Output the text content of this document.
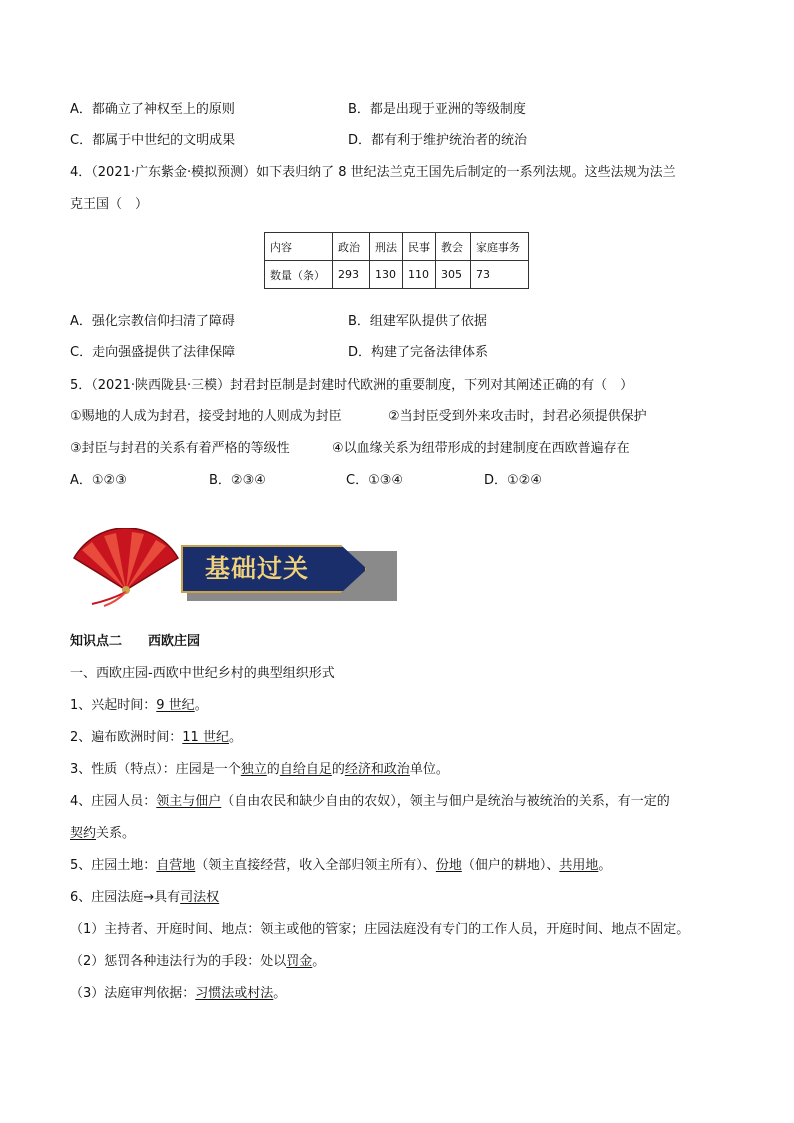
A．都确立了神权至上的原则	B．都是出现于亚洲的等级制度
C．都属于中世纪的文明成果	D．都有利于维护统治者的统治
4．（2021·广东紫金·模拟预测）如下表归纳了 8 世纪法兰克王国先后制定的一系列法规。这些法规为法兰
克王国（　）
内容	政治	刑法	民事	教会	家庭事务
数量（条）	293	130	110	305	73
A．强化宗教信仰扫清了障碍	B．组建军队提供了依据
C．走向强盛提供了法律保障	D．构建了完备法律体系
5．（2021·陕西陇县·三模）封君封臣制是封建时代欧洲的重要制度，下列对其阐述正确的有（　）
①赐地的人成为封君，接受封地的人则成为封臣	②当封臣受到外来攻击时，封君必须提供保护
③封臣与封君的关系有着严格的等级性	④以血缘关系为纽带形成的封建制度在西欧普遍存在
A．①②③	B．②③④	C．①③④	D．①②④
基础过关
知识点二　　西欧庄园
一、西欧庄园-西欧中世纪乡村的典型组织形式
1、兴起时间：9 世纪。
2、遍布欧洲时间：11 世纪。
3、性质（特点）：庄园是一个独立的自给自足的经济和政治单位。
4、庄园人员：领主与佃户（自由农民和缺少自由的农奴），领主与佃户是统治与被统治的关系，有一定的
契约关系。
5、庄园土地：自营地（领主直接经营，收入全部归领主所有）、份地（佃户的耕地）、共用地。
6、庄园法庭→具有司法权
（1）主持者、开庭时间、地点：领主或他的管家；庄园法庭没有专门的工作人员，开庭时间、地点不固定。
（2）惩罚各种违法行为的手段：处以罚金。
（3）法庭审判依据：习惯法或村法。
